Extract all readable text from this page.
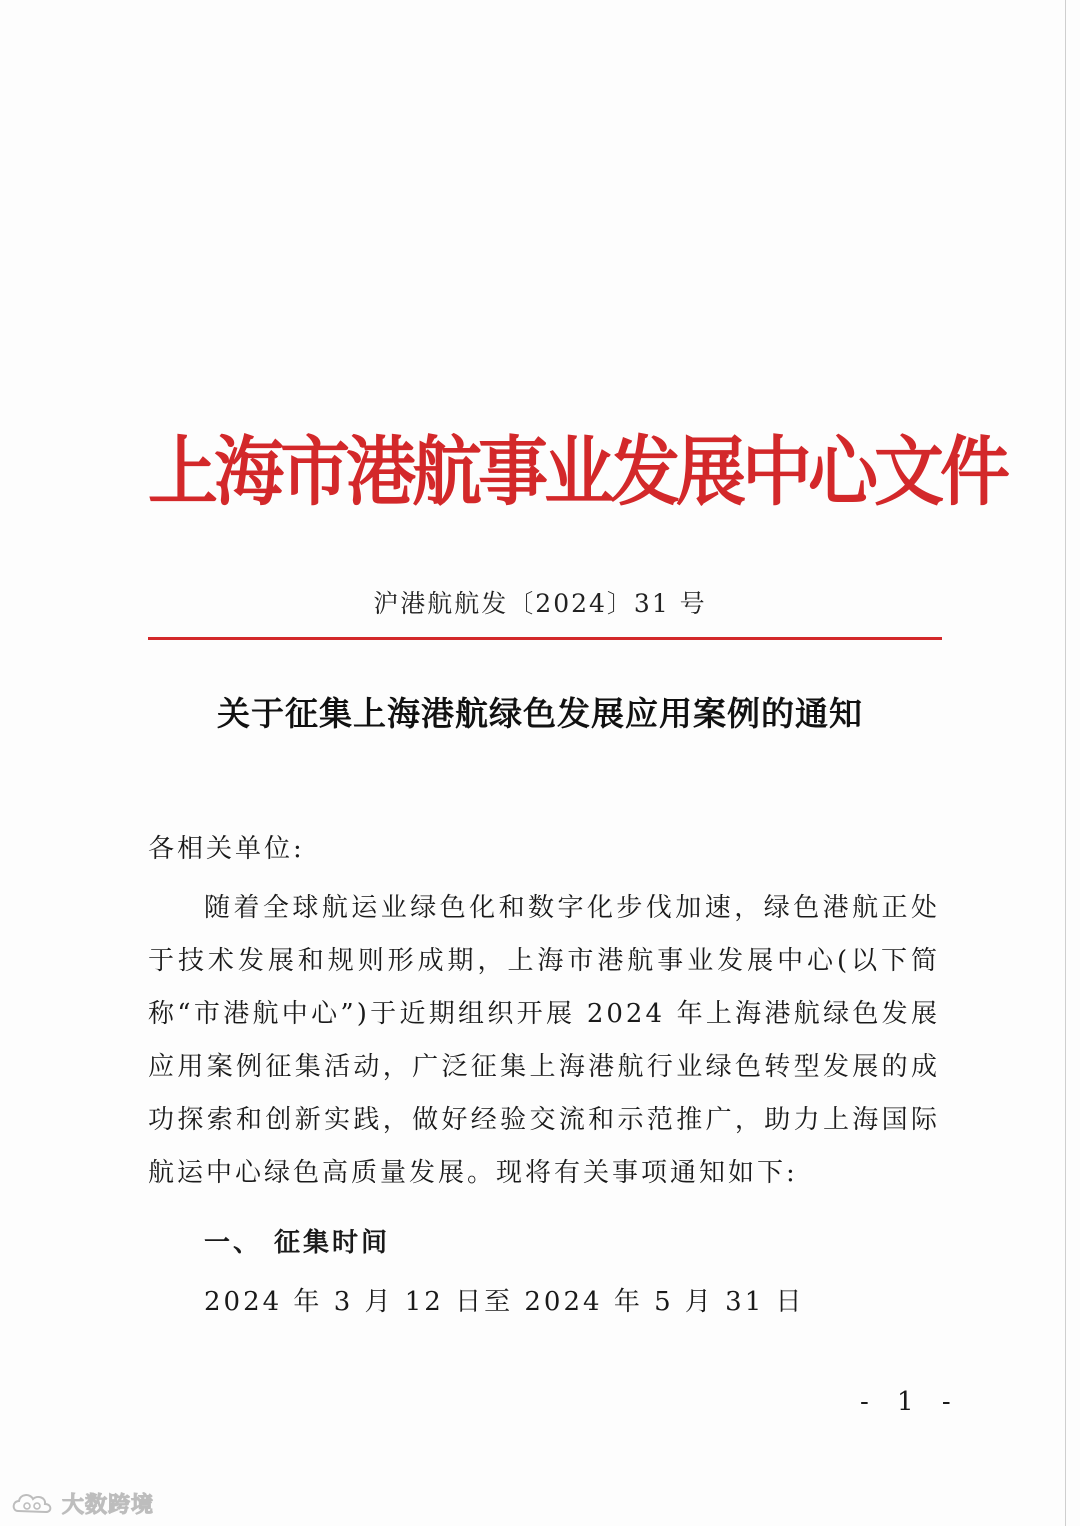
上海市港航事业发展中心文件
沪港航航发〔2024〕31 号
关于征集上海港航绿色发展应用案例的通知
各相关单位:
随着全球航运业绿色化和数字化步伐加速，绿色港航正处于技术发展和规则形成期，上海市港航事业发展中心(以下简称“市港航中心”)于近期组织开展 2024 年上海港航绿色发展应用案例征集活动，广泛征集上海港航行业绿色转型发展的成功探索和创新实践，做好经验交流和示范推广，助力上海国际航运中心绿色高质量发展。现将有关事项通知如下:
一、 征集时间
2024 年 3 月 12 日至 2024 年 5 月 31 日
- 1 -
大数跨境
